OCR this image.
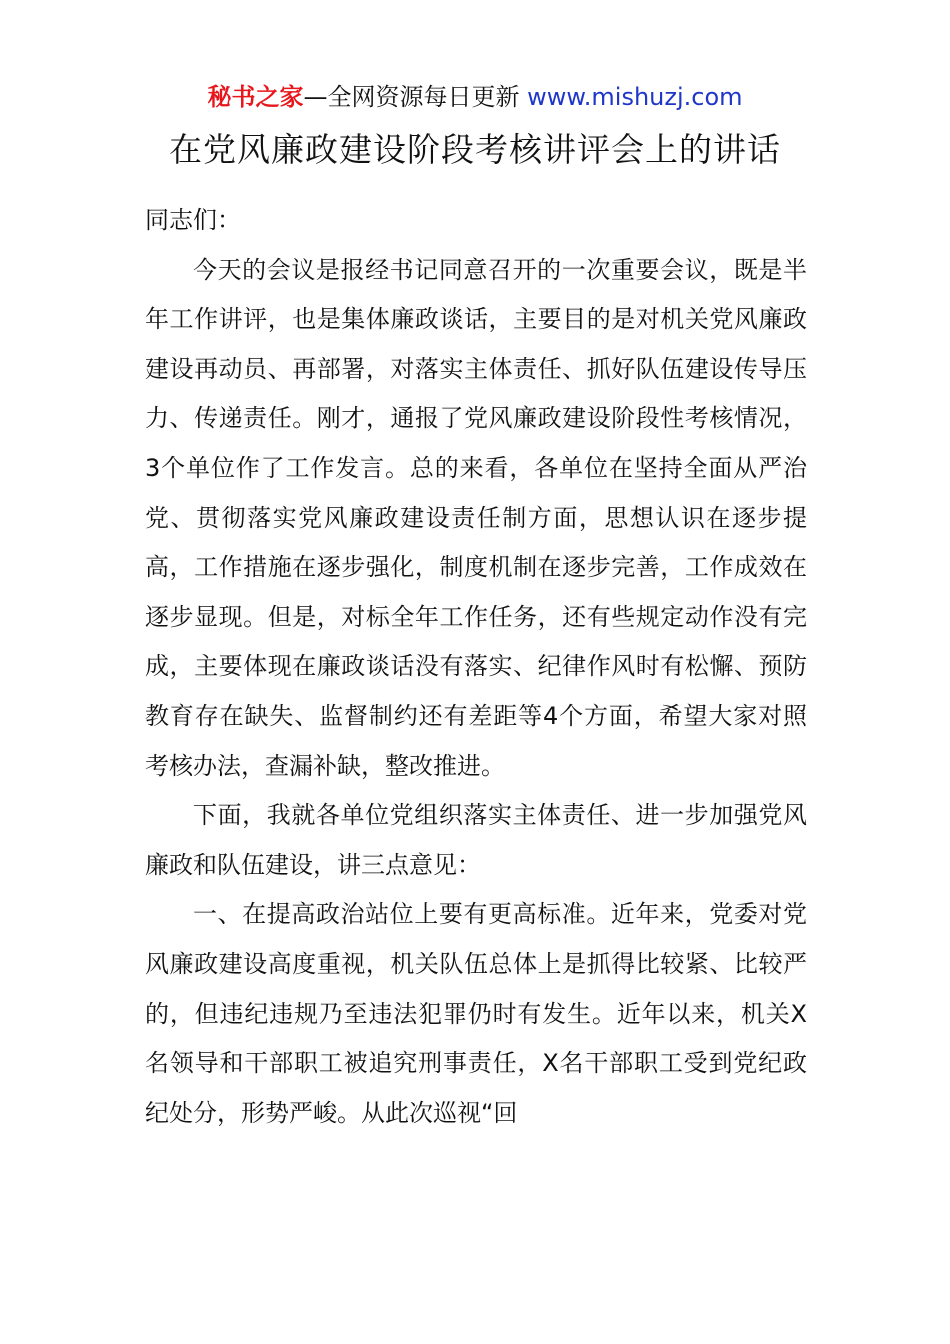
秘书之家—全网资源每日更新 www.mishuzj.com
在党风廉政建设阶段考核讲评会上的讲话

同志们：

今天的会议是报经书记同意召开的一次重要会议，既是半年工作讲评，也是集体廉政谈话，主要目的是对机关党风廉政建设再动员、再部署，对落实主体责任、抓好队伍建设传导压力、传递责任。刚才，通报了党风廉政建设阶段性考核情况，3个单位作了工作发言。总的来看，各单位在坚持全面从严治党、贯彻落实党风廉政建设责任制方面，思想认识在逐步提高，工作措施在逐步强化，制度机制在逐步完善，工作成效在逐步显现。但是，对标全年工作任务，还有些规定动作没有完成，主要体现在廉政谈话没有落实、纪律作风时有松懈、预防教育存在缺失、监督制约还有差距等4个方面，希望大家对照考核办法，查漏补缺，整改推进。

下面，我就各单位党组织落实主体责任、进一步加强党风廉政和队伍建设，讲三点意见：

一、在提高政治站位上要有更高标准。近年来，党委对党风廉政建设高度重视，机关队伍总体上是抓得比较紧、比较严的，但违纪违规乃至违法犯罪仍时有发生。近年以来，机关X名领导和干部职工被追究刑事责任，X名干部职工受到党纪政纪处分，形势严峻。从此次巡视“回
